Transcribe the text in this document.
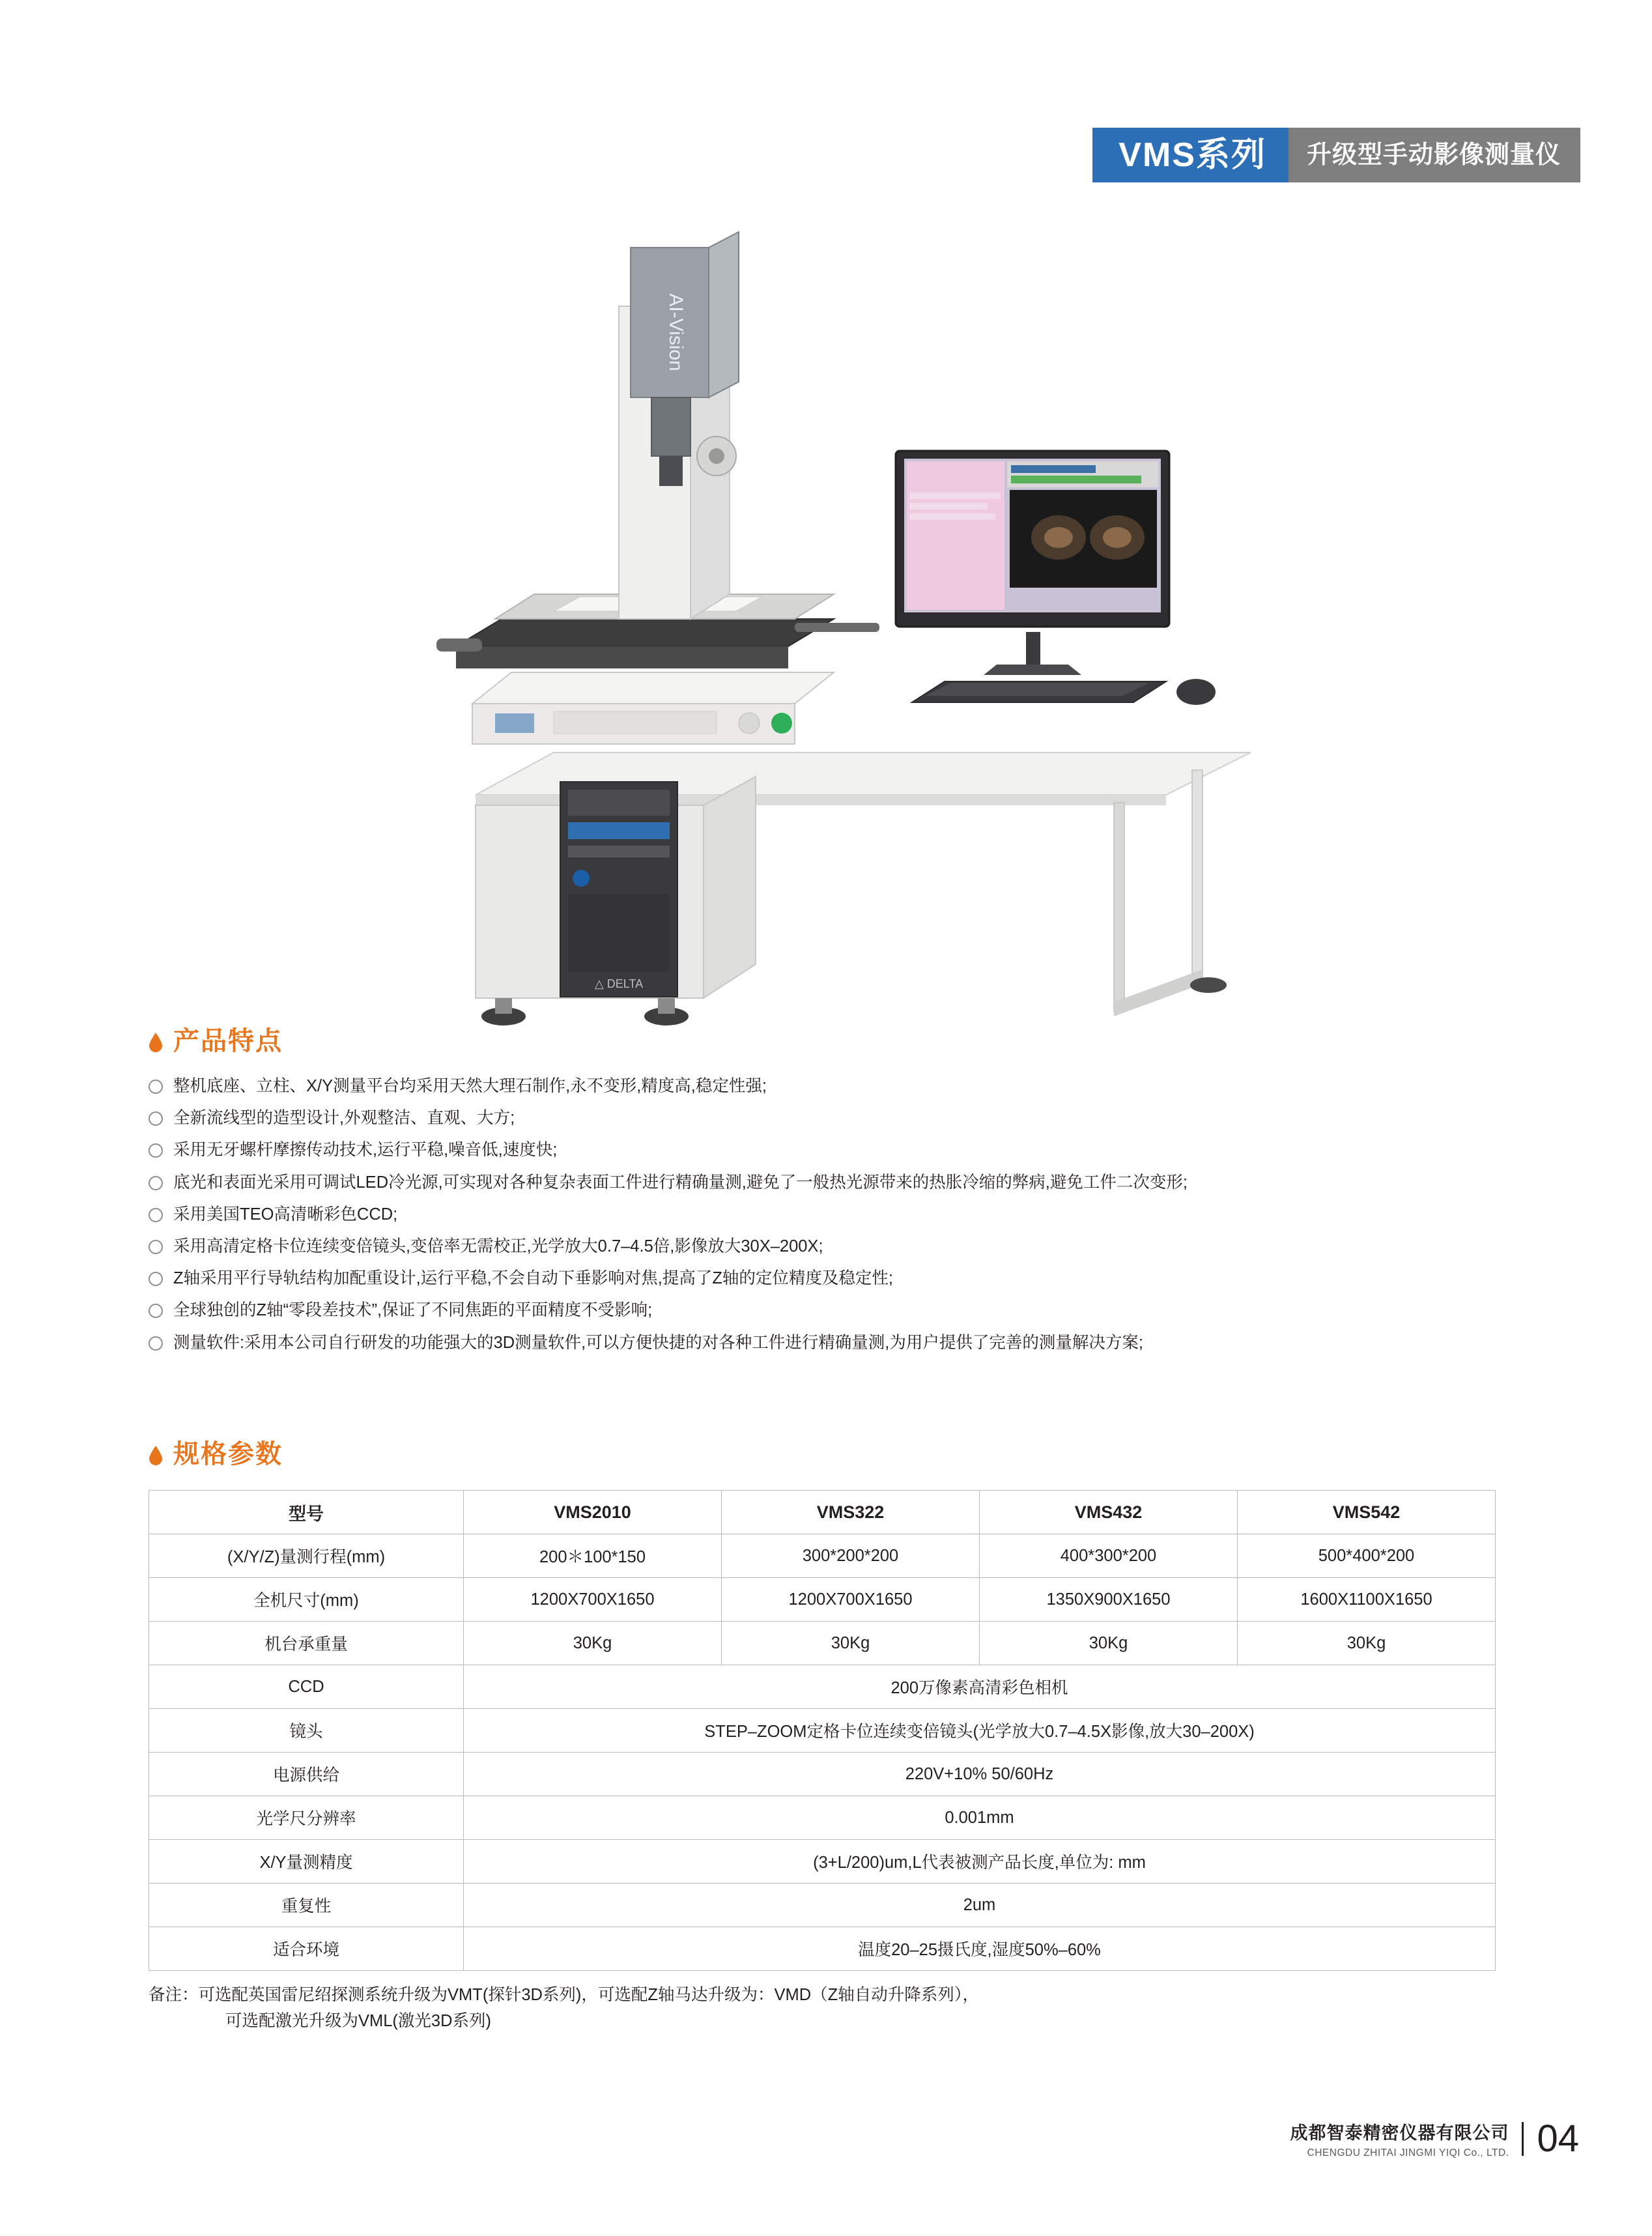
VMS系列	升级型手动影像测量仪
△ DELTA
AI-Vision
产品特点
整机底座、立柱、X/Y测量平台均采用天然大理石制作,永不变形,精度高,稳定性强;
全新流线型的造型设计,外观整洁、直观、大方;
采用无牙螺杆摩擦传动技术,运行平稳,噪音低,速度快;
底光和表面光采用可调试LED冷光源,可实现对各种复杂表面工件进行精确量测,避免了一般热光源带来的热胀冷缩的弊病,避免工件二次变形;
采用美国TEO高清晰彩色CCD;
采用高清定格卡位连续变倍镜头,变倍率无需校正,光学放大0.7–4.5倍,影像放大30X–200X;
Z轴采用平行导轨结构加配重设计,运行平稳,不会自动下垂影响对焦,提高了Z轴的定位精度及稳定性;
全球独创的Z轴“零段差技术”,保证了不同焦距的平面精度不受影响;
测量软件:采用本公司自行研发的功能强大的3D测量软件,可以方便快捷的对各种工件进行精确量测,为用户提供了完善的测量解决方案;
规格参数
型号	VMS2010	VMS322	VMS432	VMS542
(X/Y/Z)量测行程(mm)	200＊100*150	300*200*200	400*300*200	500*400*200
全机尺寸(mm)	1200X700X1650	1200X700X1650	1350X900X1650	1600X1100X1650
机台承重量	30Kg	30Kg	30Kg	30Kg
CCD	200万像素高清彩色相机			
镜头	STEP–ZOOM定格卡位连续变倍镜头(光学放大0.7–4.5X影像,放大30–200X)			
电源供给	220V+10% 50/60Hz			
光学尺分辨率	0.001mm			
X/Y量测精度	(3+L/200)um,L代表被测产品长度,单位为: mm			
重复性	2um			
适合环境	温度20–25摄氏度,湿度50%–60%			
备注：可选配英国雷尼绍探测系统升级为VMT(探针3D系列)，可选配Z轴马达升级为：VMD（Z轴自动升降系列），
可选配激光升级为VML(激光3D系列)
成都智泰精密仪器有限公司
CHENGDU ZHITAI JINGMI YIQI Co., LTD. 04
